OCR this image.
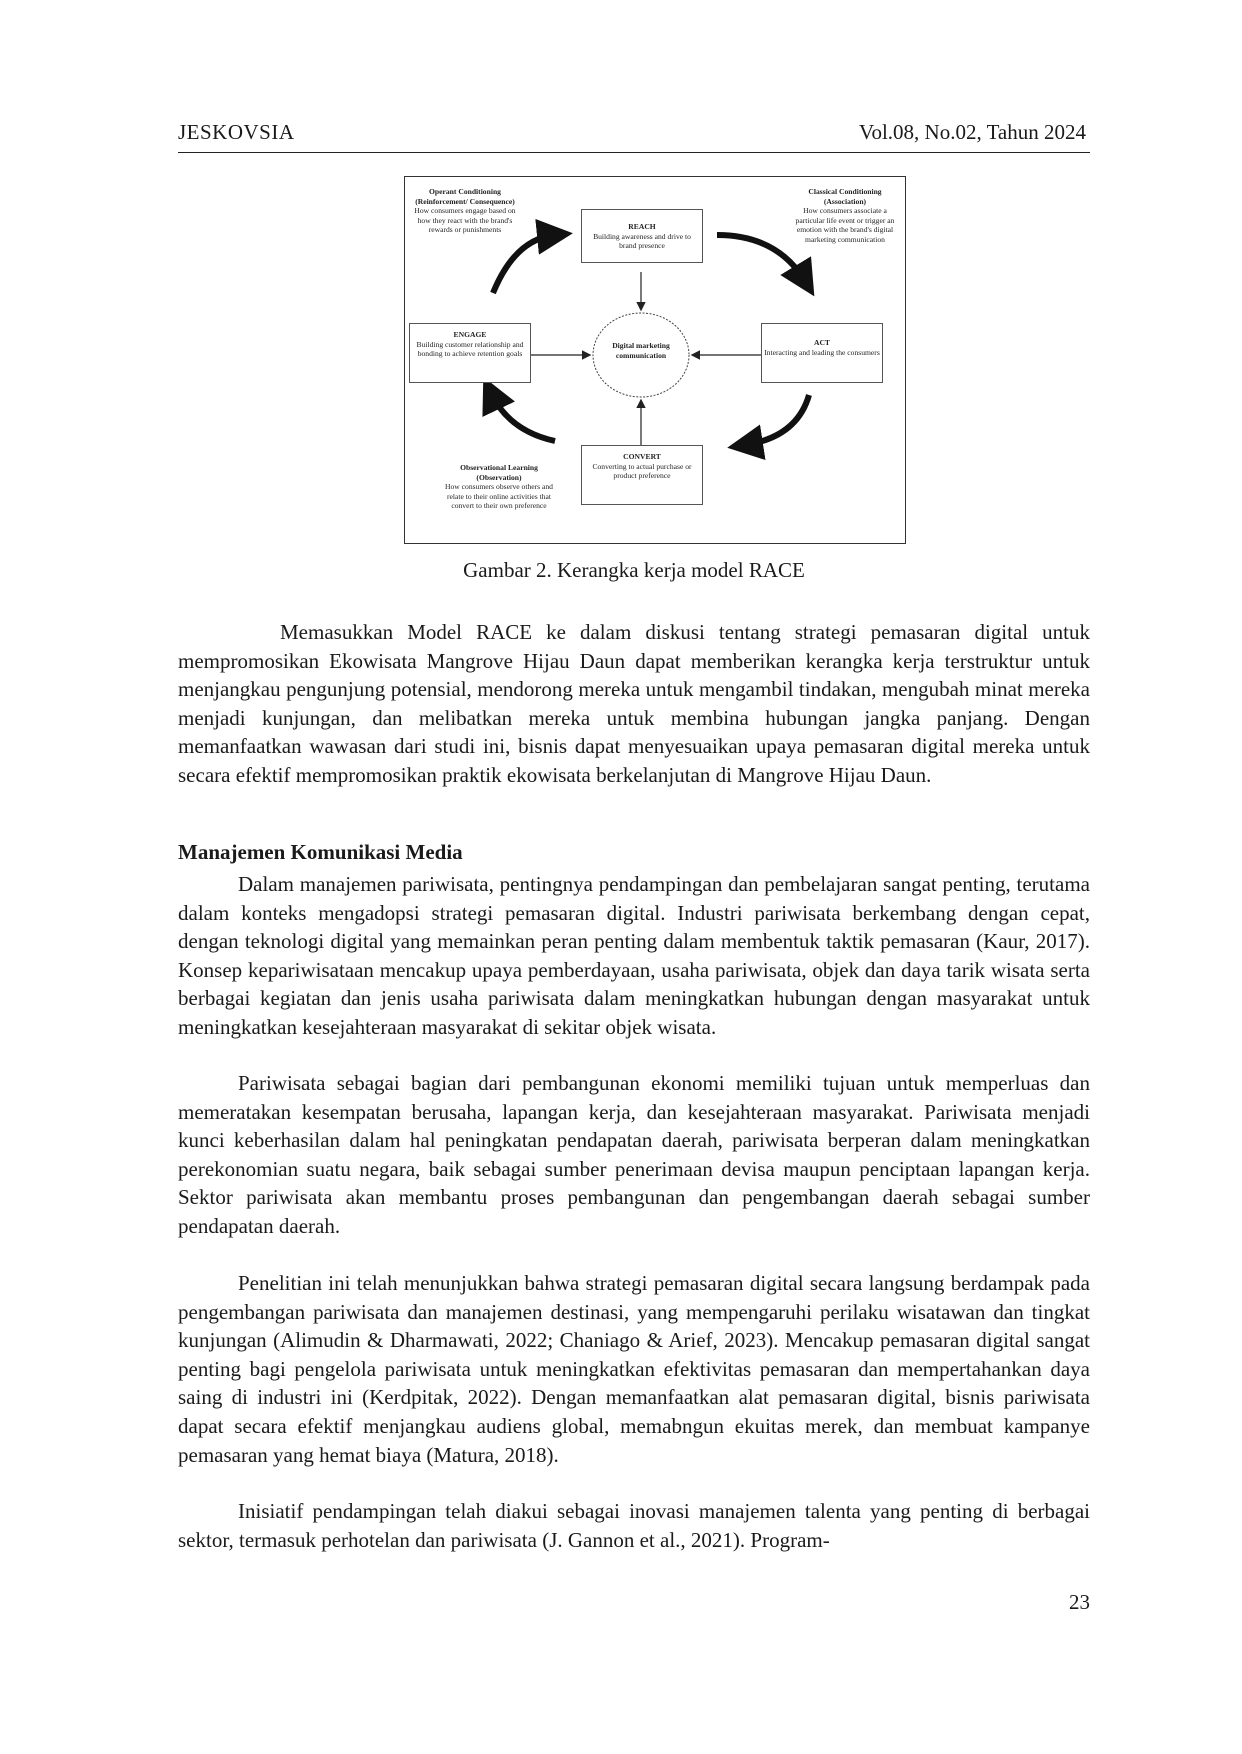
JESKOVSIA	Vol.08, No.02, Tahun 2024
REACH
Building awareness and drive to brand presence
ACT
Interacting and leading the consumers
CONVERT
Converting to actual purchase or product preference
ENGAGE
Building customer relationship and bonding to achieve retention goals
Digital marketing communication
Operant Conditioning (Reinforcement/ Consequence)
How consumers engage based on how they react with the brand's rewards or punishments
Classical Conditioning (Association)
How consumers associate a particular life event or trigger an emotion with the brand's digital marketing communication
Observational Learning (Observation)
How consumers observe others and relate to their online activities that convert to their own preference
Gambar 2. Kerangka kerja model RACE

Memasukkan Model RACE ke dalam diskusi tentang strategi pemasaran digital untuk mempromosikan Ekowisata Mangrove Hijau Daun dapat memberikan kerangka kerja terstruktur untuk menjangkau pengunjung potensial, mendorong mereka untuk mengambil tindakan, mengubah minat mereka menjadi kunjungan, dan melibatkan mereka untuk membina hubungan jangka panjang. Dengan memanfaatkan wawasan dari studi ini, bisnis dapat menyesuaikan upaya pemasaran digital mereka untuk secara efektif mempromosikan praktik ekowisata berkelanjutan di Mangrove Hijau Daun.

Manajemen Komunikasi Media

Dalam manajemen pariwisata, pentingnya pendampingan dan pembelajaran sangat penting, terutama dalam konteks mengadopsi strategi pemasaran digital. Industri pariwisata berkembang dengan cepat, dengan teknologi digital yang memainkan peran penting dalam membentuk taktik pemasaran (Kaur, 2017). Konsep kepariwisataan mencakup upaya pemberdayaan, usaha pariwisata, objek dan daya tarik wisata serta berbagai kegiatan dan jenis usaha pariwisata dalam meningkatkan hubungan dengan masyarakat untuk meningkatkan kesejahteraan masyarakat di sekitar objek wisata.

Pariwisata sebagai bagian dari pembangunan ekonomi memiliki tujuan untuk memperluas dan memeratakan kesempatan berusaha, lapangan kerja, dan kesejahteraan masyarakat. Pariwisata menjadi kunci keberhasilan dalam hal peningkatan pendapatan daerah, pariwisata berperan dalam meningkatkan perekonomian suatu negara, baik sebagai sumber penerimaan devisa maupun penciptaan lapangan kerja. Sektor pariwisata akan membantu proses pembangunan dan pengembangan daerah sebagai sumber pendapatan daerah.

Penelitian ini telah menunjukkan bahwa strategi pemasaran digital secara langsung berdampak pada pengembangan pariwisata dan manajemen destinasi, yang mempengaruhi perilaku wisatawan dan tingkat kunjungan (Alimudin & Dharmawati, 2022; Chaniago & Arief, 2023). Mencakup pemasaran digital sangat penting bagi pengelola pariwisata untuk meningkatkan efektivitas pemasaran dan mempertahankan daya saing di industri ini (Kerdpitak, 2022). Dengan memanfaatkan alat pemasaran digital, bisnis pariwisata dapat secara efektif menjangkau audiens global, memabngun ekuitas merek, dan membuat kampanye pemasaran yang hemat biaya (Matura, 2018).

Inisiatif pendampingan telah diakui sebagai inovasi manajemen talenta yang penting di berbagai sektor, termasuk perhotelan dan pariwisata (J. Gannon et al., 2021). Program-

23
